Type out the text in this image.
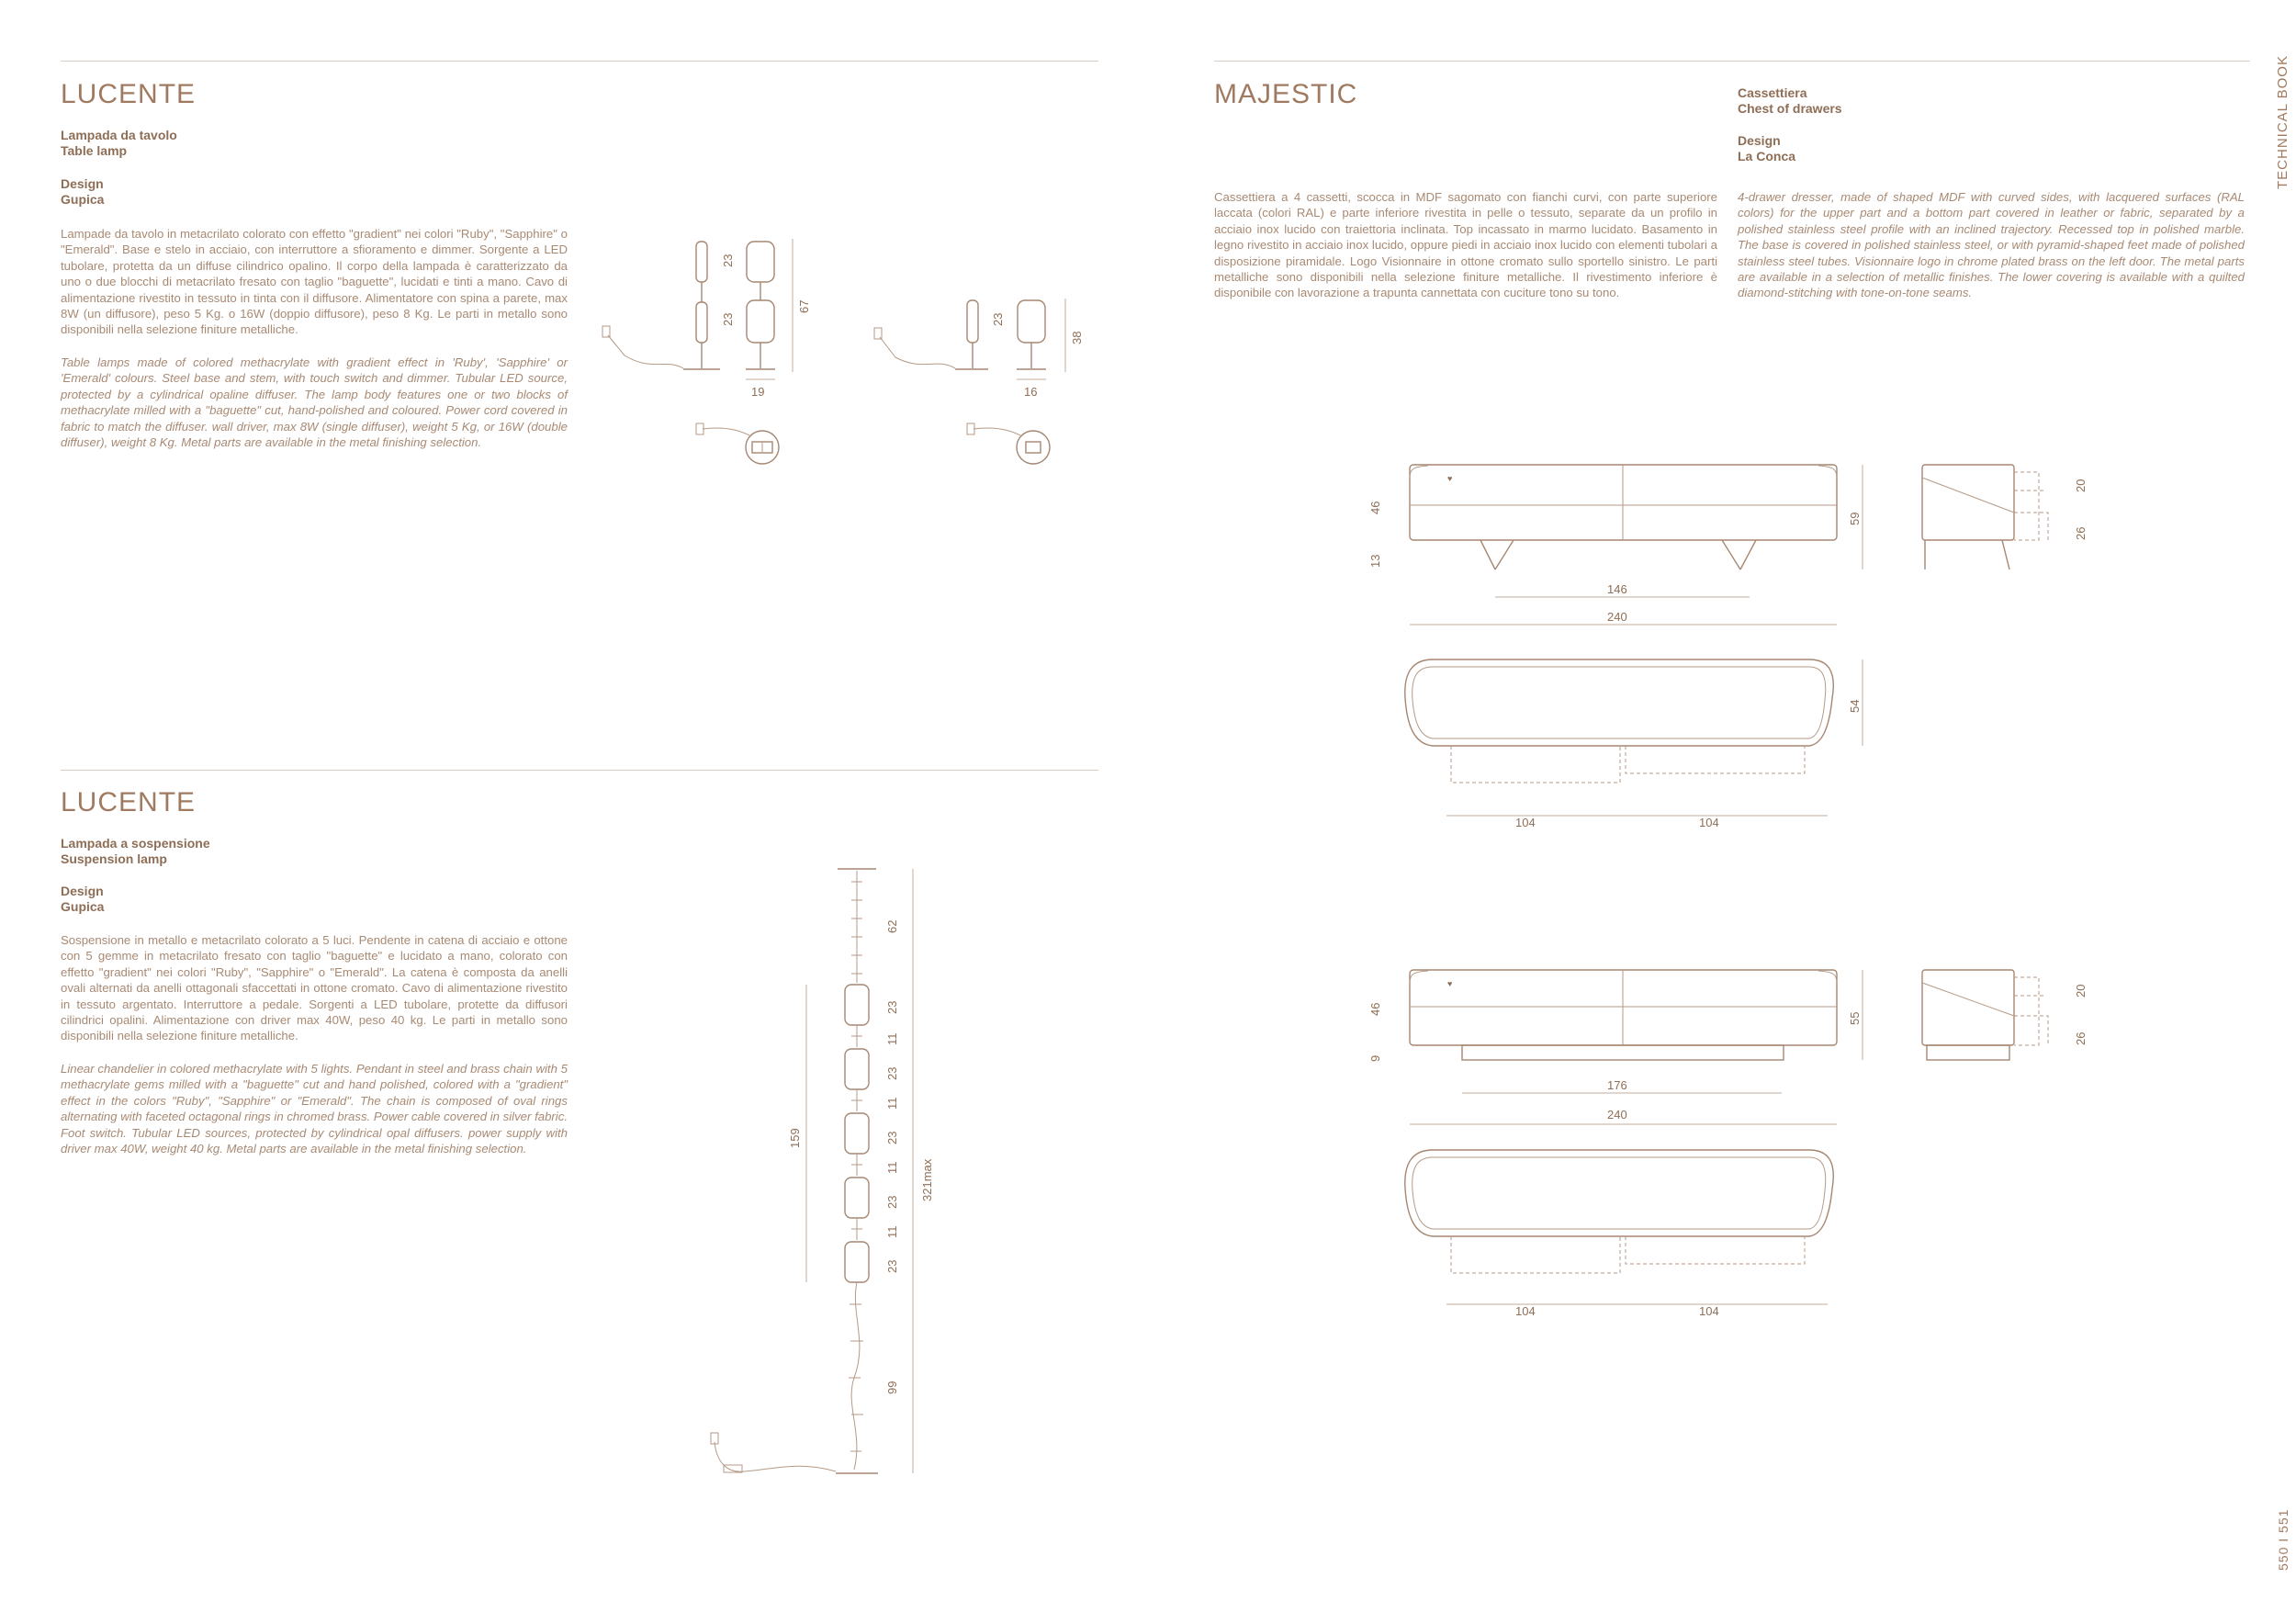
TECHNICAL BOOK
550 I 551
LUCENTE
Lampada da tavolo
Table lamp
Design
Gupica

Lampade da tavolo in metacrilato colorato con effetto "gradient" nei colori "Ruby", "Sapphire" o "Emerald". Base e stelo in acciaio, con interruttore a sfioramento e dimmer. Sorgente a LED tubolare, protetta da un diffuse cilindrico opalino. Il corpo della lampada è caratterizzato da uno o due blocchi di metacrilato fresato con taglio "baguette", lucidati e tinti a mano. Cavo di alimentazione rivestito in tessuto in tinta con il diffusore. Alimentatore con spina a parete, max 8W (un diffusore), peso 5 Kg. o 16W (doppio diffusore), peso 8 Kg. Le parti in metallo sono disponibili nella selezione finiture metalliche.

Table lamps made of colored methacrylate with gradient effect in 'Ruby', 'Sapphire' or 'Emerald' colours. Steel base and stem, with touch switch and dimmer. Tubular LED source, protected by a cylindrical opaline diffuser. The lamp body features one or two blocks of methacrylate milled with a "baguette" cut, hand-polished and coloured. Power cord covered in fabric to match the diffuser. wall driver, max 8W (single diffuser), weight 5 Kg, or 16W (double diffuser), weight 8 Kg. Metal parts are available in the metal finishing selection.

23
23
19
67
23
16
38
LUCENTE
Lampada a sospensione
Suspension lamp
Design
Gupica

Sospensione in metallo e metacrilato colorato a 5 luci. Pendente in catena di acciaio e ottone con 5 gemme in metacrilato fresato con taglio "baguette" e lucidato a mano, colorato con effetto "gradient" nei colori "Ruby", "Sapphire" o "Emerald". La catena è composta da anelli ovali alternati da anelli ottagonali sfaccettati in ottone cromato. Cavo di alimentazione rivestito in tessuto argentato. Interruttore a pedale. Sorgenti a LED tubolare, protette da diffusori cilindrici opalini. Alimentazione con driver max 40W, peso 40 kg. Le parti in metallo sono disponibili nella selezione finiture metalliche.

Linear chandelier in colored methacrylate with 5 lights. Pendant in steel and brass chain with 5 methacrylate gems milled with a "baguette" cut and hand polished, colored with a "gradient" effect in the colors "Ruby", "Sapphire" or "Emerald". The chain is composed of oval rings alternating with faceted octagonal rings in chromed brass. Power cable covered in silver fabric. Foot switch. Tubular LED sources, protected by cylindrical opal diffusers. power supply with driver max 40W, weight 40 kg. Metal parts are available in the metal finishing selection.

62
23
11
23
11
23
11
23
11
23
99
159
321max
MAJESTIC	Cassettiera
Chest of drawers
Design
La Conca

Cassettiera a 4 cassetti, scocca in MDF sagomato con fianchi curvi, con parte superiore laccata (colori RAL) e parte inferiore rivestita in pelle o tessuto, separate da un profilo in acciaio inox lucido con traiettoria inclinata. Top incassato in marmo lucidato. Basamento in legno rivestito in acciaio inox lucido, oppure piedi in acciaio inox lucido con elementi tubolari a disposizione piramidale. Logo Visionnaire in ottone cromato sullo sportello sinistro. Le parti metalliche sono disponibili nella selezione finiture metalliche. Il rivestimento inferiore è disponibile con lavorazione a trapunta cannettata con cuciture tono su tono.

4-drawer dresser, made of shaped MDF with curved sides, with lacquered surfaces (RAL colors) for the upper part and a bottom part covered in leather or fabric, separated by a polished stainless steel profile with an inclined trajectory. Recessed top in polished marble. The base is covered in polished stainless steel, or with pyramid-shaped feet made of polished stainless steel tubes. Visionnaire logo in chrome plated brass on the left door. The metal parts are available in a selection of metallic finishes. The lower covering is available with a quilted diamond-stitching with tone-on-tone seams.

♥
46
13
146
240
59
20
26
54
104	104
♥
46
9
176
240
55
20
26
104	104
